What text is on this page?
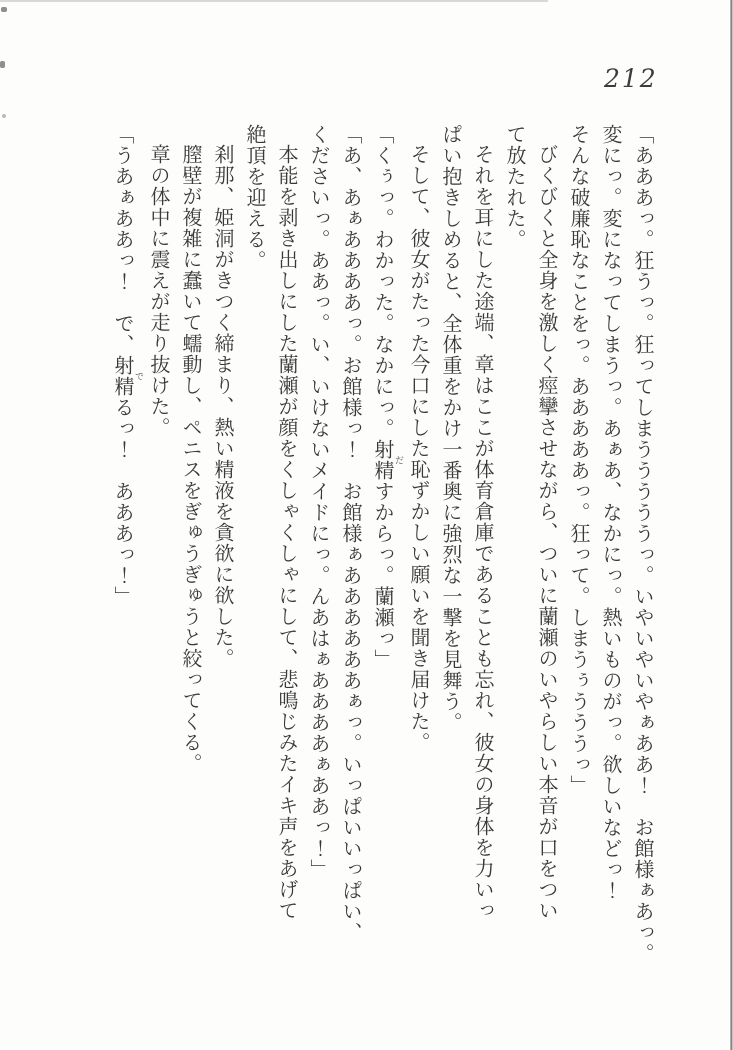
212

「あああっ。狂うっ。狂ってしまうううううっ。いやいやいやぁああ！　お館様ぁあっ。

変にっ。変になってしまうっ。あぁあ、なかにっ。熱いものがっ。欲しいなどっ！

そんな破廉恥なことをっ。あああああっ。狂って。しまうぅうううっ」

びくびくと全身を激しく痙攣させながら、ついに蘭瀬のいやらしい本音が口をつい

て放たれた。

それを耳にした途端、章はここが体育倉庫であることも忘れ、彼女の身体を力いっ

ぱい抱きしめると、全体重をかけ一番奥に強烈な一撃を見舞う。

そして、彼女がたった今口にした恥ずかしい願いを聞き届けた。

「くぅっ。わかった。なかにっ。射精だすからっ。蘭瀬っ」

「あ、あぁああああっ。お館様っ！　お館様ぁああああああぁっ。いっぱいいっぱい、

くださいっ。ああっ。い、いけないメイドにっ。んあはぁああああぁああっ！」

本能を剥き出しにした蘭瀬が顔をくしゃくしゃにして、悲鳴じみたイキ声をあげて

絶頂を迎える。

刹那、姫洞がきつく締まり、熱い精液を貪欲に欲した。

膣壁が複雑に蠢いて蠕動し、ペニスをぎゅうぎゅうと絞ってくる。

章の体中に震えが走り抜けた。

「うあぁああっ！　で、射精でるっ！　あああっ！」
